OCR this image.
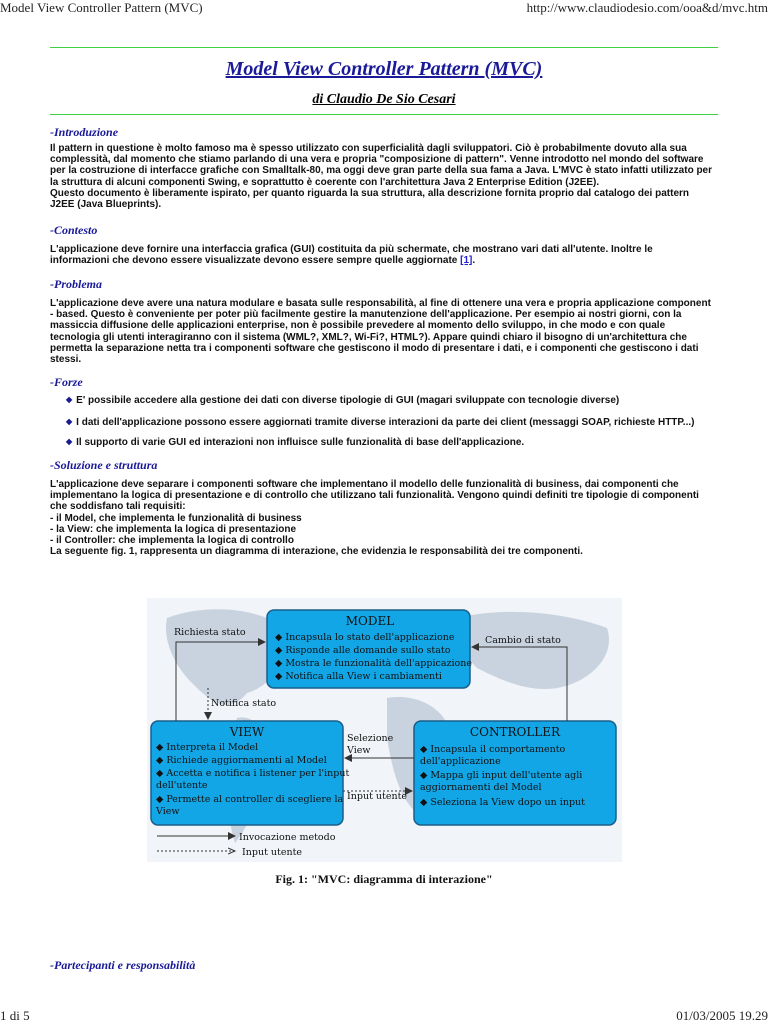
Model View Controller Pattern (MVC)	http://www.claudiodesio.com/ooa&d/mvc.htm
Model View Controller Pattern (MVC)
di Claudio De Sio Cesari
-Introduzione
Il pattern in questione è molto famoso ma è spesso utilizzato con superficialità dagli sviluppatori. Ciò è probabilmente dovuto alla sua
complessità, dal momento che stiamo parlando di una vera e propria "composizione di pattern". Venne introdotto nel mondo del software
per la costruzione di interfacce grafiche con Smalltalk-80, ma oggi deve gran parte della sua fama a Java. L'MVC è stato infatti utilizzato per
la struttura di alcuni componenti Swing, e soprattutto è coerente con l'architettura Java 2 Enterprise Edition (J2EE).
Questo documento è liberamente ispirato, per quanto riguarda la sua struttura, alla descrizione fornita proprio dal catalogo dei pattern
J2EE (Java Blueprints).
-Contesto
L'applicazione deve fornire una interfaccia grafica (GUI) costituita da più schermate, che mostrano vari dati all'utente. Inoltre le
informazioni che devono essere visualizzate devono essere sempre quelle aggiornate [1].
-Problema
L'applicazione deve avere una natura modulare e basata sulle responsabilità, al fine di ottenere una vera e propria applicazione component
- based. Questo è conveniente per poter più facilmente gestire la manutenzione dell'applicazione. Per esempio ai nostri giorni, con la
massiccia diffusione delle applicazioni enterprise, non è possibile prevedere al momento dello sviluppo, in che modo e con quale
tecnologia gli utenti interagiranno con il sistema (WML?, XML?, Wi-Fi?, HTML?). Appare quindi chiaro il bisogno di un'architettura che
permetta la separazione netta tra i componenti software che gestiscono il modo di presentare i dati, e i componenti che gestiscono i dati
stessi.
-Forze
◆ E' possibile accedere alla gestione dei dati con diverse tipologie di GUI (magari sviluppate con tecnologie diverse)
◆ I dati dell'applicazione possono essere aggiornati tramite diverse interazioni da parte dei client (messaggi SOAP, richieste HTTP...)
◆ Il supporto di varie GUI ed interazioni non influisce sulle funzionalità di base dell'applicazione.
-Soluzione e struttura
L'applicazione deve separare i componenti software che implementano il modello delle funzionalità di business, dai componenti che
implementano la logica di presentazione e di controllo che utilizzano tali funzionalità. Vengono quindi definiti tre tipologie di componenti
che soddisfano tali requisiti:
- il Model, che implementa le funzionalità di business
- la View: che implementa la logica di presentazione
- il Controller: che implementa la logica di controllo
La seguente fig. 1, rappresenta un diagramma di interazione, che evidenzia le responsabilità dei tre componenti.
MODEL
◆ Incapsula lo stato dell'applicazione
◆ Risponde alle domande sullo stato
◆ Mostra le funzionalità dell'appicazione
◆ Notifica alla View i cambiamenti
VIEW
◆ Interpreta il Model
◆ Richiede aggiornamenti al Model
◆ Accetta e notifica i listener per l'input
dell'utente
◆ Permette al controller di scegliere la
View
CONTROLLER
◆ Incapsula il comportamento
dell'applicazione
◆ Mappa gli input dell'utente agli
aggiornamenti del Model
◆ Seleziona la View dopo un input
Richiesta stato
Cambio di stato
Notifica stato
Selezione
View
Input utente
Invocazione metodo
Input utente
Fig. 1: "MVC: diagramma di interazione"
-Partecipanti e responsabilità
1 di 5	01/03/2005 19.29
